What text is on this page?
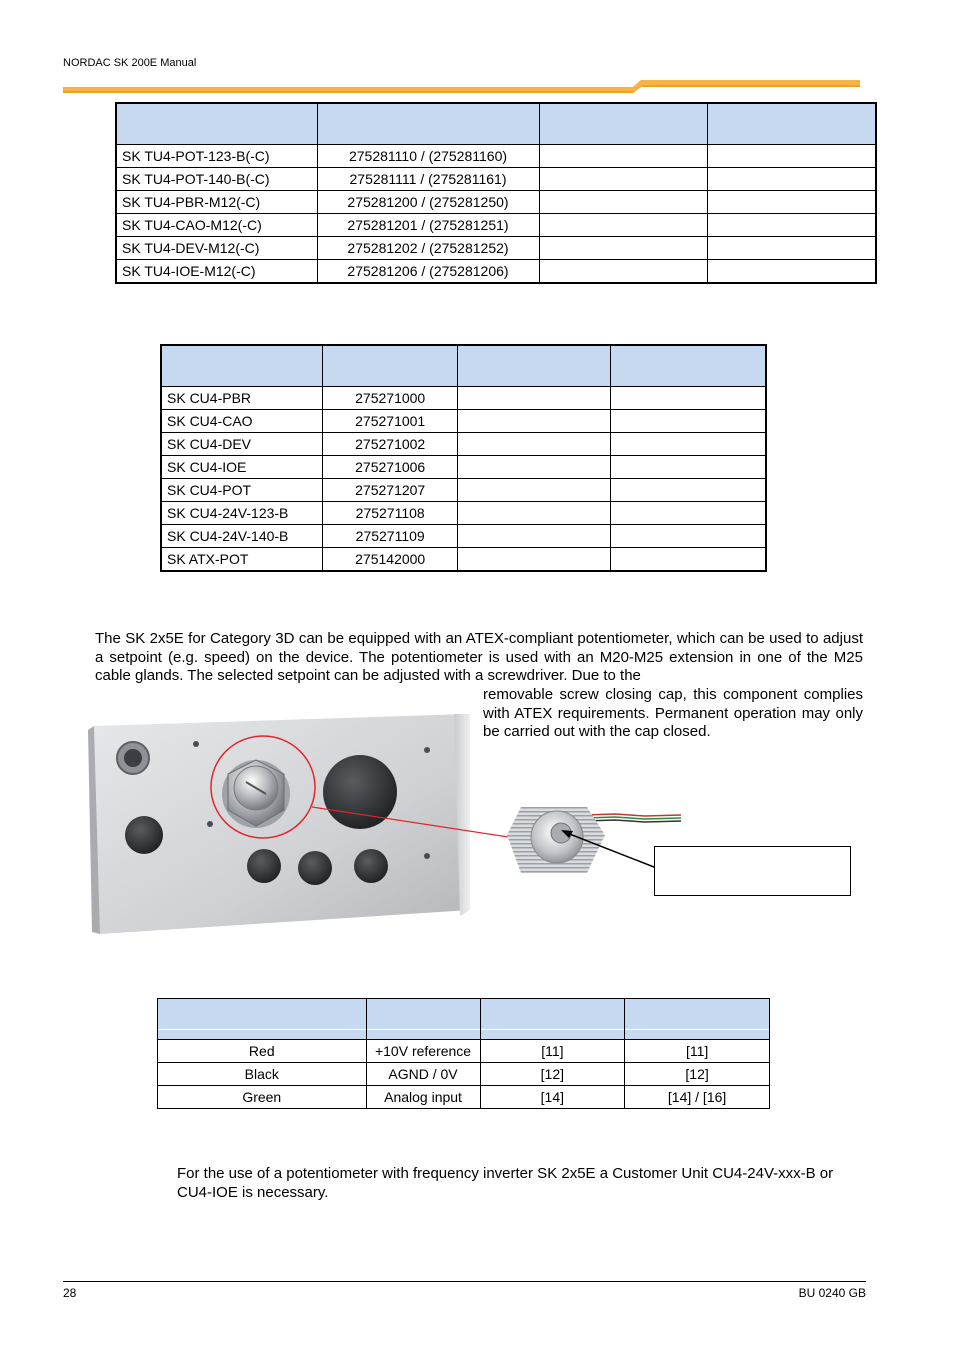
NORDAC SK 200E Manual

SK TU4-POT-123-B(-C)	275281110 / (275281160)		
SK TU4-POT-140-B(-C)	275281111 / (275281161)		
SK TU4-PBR-M12(-C)	275281200 / (275281250)		
SK TU4-CAO-M12(-C)	275281201 / (275281251)		
SK TU4-DEV-M12(-C)	275281202 / (275281252)		
SK TU4-IOE-M12(-C)	275281206 / (275281206)		

SK CU4-PBR	275271000		
SK CU4-CAO	275271001		
SK CU4-DEV	275271002		
SK CU4-IOE	275271006		
SK CU4-POT	275271207		
SK CU4-24V-123-B	275271108		
SK CU4-24V-140-B	275271109		
SK ATX-POT	275142000		

The SK 2x5E for Category 3D can be equipped with an ATEX-compliant potentiometer, which can be used to adjust a setpoint (e.g. speed) on the device. The potentiometer is used with an M20-M25 extension in one of the M25 cable glands. The selected setpoint can be adjusted with a screwdriver. Due to the

removable screw closing cap, this component complies with ATEX requirements. Permanent operation may only be carried out with the cap closed.

Red	+10V reference	[11]	[11]
Black	AGND / 0V	[12]	[12]
Green	Analog input	[14]	[14] / [16]

For the use of a potentiometer with frequency inverter SK 2x5E a Customer Unit CU4-24V-xxx-B or CU4-IOE is necessary.

28	BU 0240 GB
